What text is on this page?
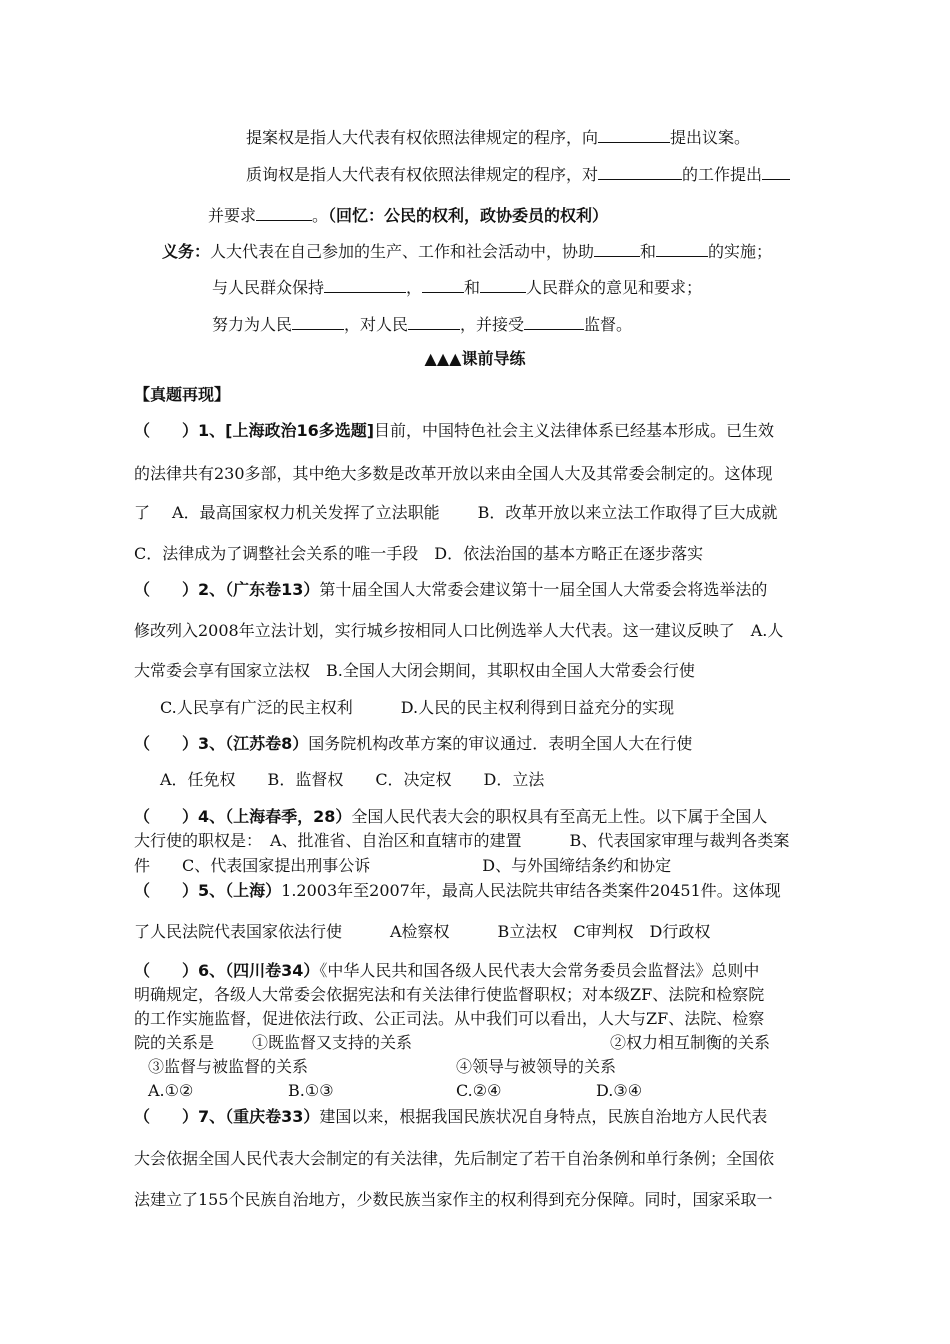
提案权是指人大代表有权依照法律规定的程序，向	提出议案。
质询权是指人大代表有权依照法律规定的程序，对	的工作提出
并要求	。（回忆：公民的权利，政协委员的权利）
义务：人大代表在自己参加的生产、工作和社会活动中，协助	和	的实施；
与人民群众保持	，	和	人民群众的意见和要求；
努力为人民	，对人民	，并接受	监督。
▲▲▲课前导练
【真题再现】
（　　）1、[上海政治16多选题]目前，中国特色社会主义法律体系已经基本形成。已生效
的法律共有230多部，其中绝大多数是改革开放以来由全国人大及其常委会制定的。这体现
了 A．最高国家权力机关发挥了立法职能 B．改革开放以来立法工作取得了巨大成就
C．法律成为了调整社会关系的唯一手段 D．依法治国的基本方略正在逐步落实
（　　）2、（广东卷13）第十届全国人大常委会建议第十一届全国人大常委会将选举法的
修改列入2008年立法计划，实行城乡按相同人口比例选举人大代表。这一建议反映了　A.人
大常委会享有国家立法权　B.全国人大闭会期间，其职权由全国人大常委会行使
C.人民享有广泛的民主权利	D.人民的民主权利得到日益充分的实现
（　　）3、（江苏卷8）国务院机构改革方案的审议通过．表明全国人大在行使
A．任免权　　B．监督权　　C．决定权　　D．立法
（　　）4、（上海春季，28）全国人民代表大会的职权具有至高无上性。以下属于全国人
大行使的职权是：　A、批准省、自治区和直辖市的建置　　　B、代表国家审理与裁判各类案
件　　C、代表国家提出刑事公诉　　　　　　　D、与外国缔结条约和协定
（　　）5、（上海）1.2003年至2007年，最高人民法院共审结各类案件20451件。这体现
了人民法院代表国家依法行使　　　A检察权　　　B立法权　C审判权　D行政权
（　　）6、（四川卷34）《中华人民共和国各级人民代表大会常务委员会监督法》总则中
明确规定，各级人大常委会依据宪法和有关法律行使监督职权；对本级ZF、法院和检察院
的工作实施监督，促进依法行政、公正司法。从中我们可以看出，人大与ZF、法院、检察
院的关系是 ①既监督又支持的关系	②权力相互制衡的关系
③监督与被监督的关系	④领导与被领导的关系
A.①②	B.①③	C.②④	D.③④
（　　）7、（重庆卷33）建国以来，根据我国民族状况自身特点，民族自治地方人民代表
大会依据全国人民代表大会制定的有关法律，先后制定了若干自治条例和单行条例；全国依
法建立了155个民族自治地方，少数民族当家作主的权利得到充分保障。同时，国家采取一
